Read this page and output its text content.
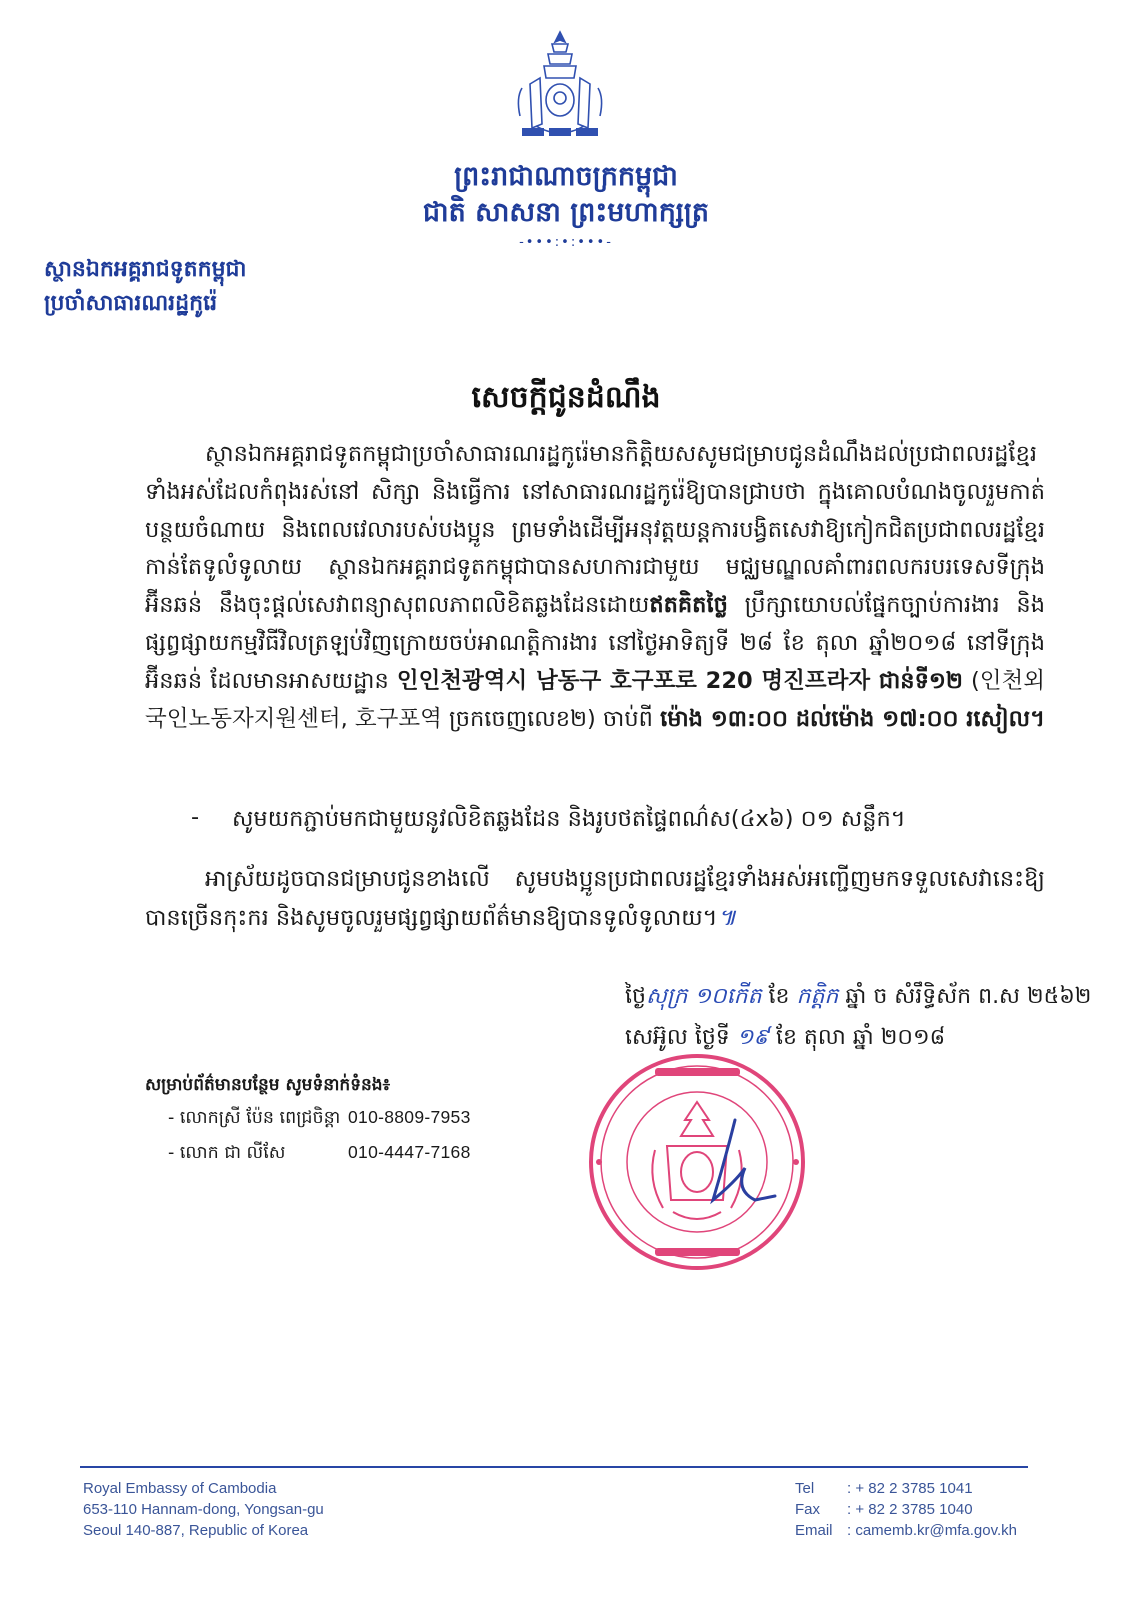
ព្រះរាជាណាចក្រកម្ពុជា
ជាតិ សាសនា ព្រះមហាក្សត្រ
-•••:•:•••-
ស្ថានឯកអគ្គរាជទូតកម្ពុជា
ប្រចាំសាធារណរដ្ឋកូរ៉េ
សេចក្តីជូនដំណឹង
ស្ថានឯកអគ្គរាជទូតកម្ពុជាប្រចាំសាធារណរដ្ឋកូរ៉េមានកិត្តិយសសូមជម្រាបជូនដំណឹងដល់ប្រជាពលរដ្ឋខ្មែរទាំងអស់ដែលកំពុងរស់នៅ សិក្សា និងធ្វើការ នៅសាធារណរដ្ឋកូរ៉េឱ្យបានជ្រាបថា ក្នុងគោលបំណងចូលរួមកាត់បន្ថយចំណាយ និងពេលវេលារបស់បងប្អូន ព្រមទាំងដើម្បីអនុវត្តយន្តការបង្វិតសេវាឱ្យកៀកជិតប្រជាពលរដ្ឋខ្មែរកាន់តែទូលំទូលាយ ស្ថានឯកអគ្គរាជទូតកម្ពុជាបានសហការជាមួយ មជ្ឈមណ្ឌលគាំពារពលករបរទេសទីក្រុងអ៊ីនឆន់ នឹងចុះផ្តល់សេវាពន្យាសុពលភាពលិខិតឆ្លងដែនដោយឥតគិតថ្លៃ ប្រឹក្សាយោបល់ផ្នែកច្បាប់ការងារ និងផ្សព្វផ្សាយកម្មវិធីវិលត្រឡប់វិញក្រោយចប់អាណត្តិការងារ នៅថ្ងៃអាទិត្យទី ២៨ ខែ តុលា ឆ្នាំ២០១៨ នៅទីក្រុងអ៊ីនឆន់ ដែលមានអាសយដ្ឋាន 인인천광역시 남동구 호구포로 220 명진프라자 ជាន់ទី១២ (인천외국인노동자지원센터, 호구포역 ច្រកចេញលេខ២) ចាប់ពី ម៉ោង ១៣:០០ ដល់ម៉ោង ១៧:០០ រសៀល។
- សូមយកភ្ជាប់មកជាមួយនូវលិខិតឆ្លងដែន និងរូបថតផ្ទៃពណ៌ស(៤x៦) ០១ សន្លឹក។
អាស្រ័យដូចបានជម្រាបជូនខាងលើ សូមបងប្អូនប្រជាពលរដ្ឋខ្មែរទាំងអស់អញ្ជើញមកទទួលសេវានេះឱ្យបានច្រើនកុះករ និងសូមចូលរួមផ្សព្វផ្សាយព័ត៌មានឱ្យបានទូលំទូលាយ។៕
ថ្ងៃសុក្រ ១០កើត ខែ កត្តិក ឆ្នាំ ច សំរឹទ្ធិស័ក ព.ស ២៥៦២
សេអ៊ូល ថ្ងៃទី ១៩ ខែ តុលា ឆ្នាំ ២០១៨
សម្រាប់ព័ត៌មានបន្ថែម សូមទំនាក់ទំនង៖
- លោកស្រី ប៉ែន ពេជ្រចិន្តា 010-8809-7953
- លោក ជា លីសែ	010-4447-7168
Royal Embassy of Cambodia
653-110 Hannam-dong, Yongsan-gu
Seoul 140-887, Republic of Korea
Tel : + 82 2 3785 1041
Fax : + 82 2 3785 1040
Email : camemb.kr@mfa.gov.kh
